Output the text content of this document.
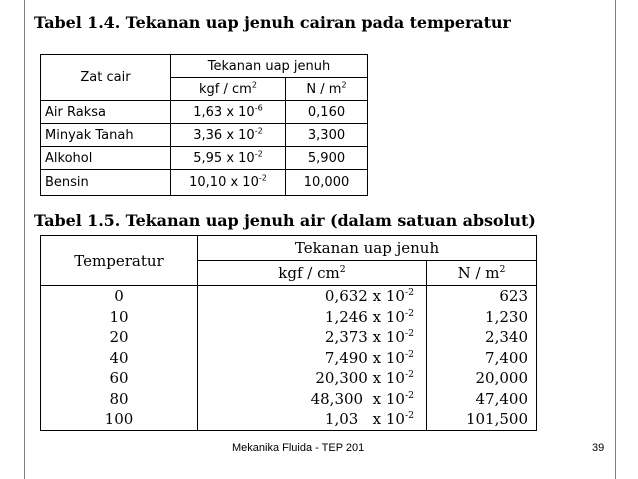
Tabel 1.4. Tekanan uap jenuh cairan pada temperatur
Zat cair	Tekanan uap jenuh	
	kgf / $cm^2$	N / $m^2$
Air Raksa	1,63 x $10^{-6}$	0,160
Minyak Tanah	3,36 x $10^{-2}$	3,300
Alkohol	5,95 x $10^{-2}$	5,900
Bensin	10,10 x $10^{-2}$	10,000
Tabel 1.5. Tekanan uap jenuh air (dalam satuan absolut)
Temperatur	Tekanan uap jenuh	
	kgf / $cm^2$	N / $m^2$
0	0,632 x $10^{-2}$	623
10	1,246 x $10^{-2}$	1,230
20	2,373 x $10^{-2}$	2,340
40	7,490 x $10^{-2}$	7,400
60	20,300 x $10^{-2}$	20,000
80	48,300  x $10^{-2}$	47,400
100	1,03   x $10^{-2}$	101,500
Mekanika Fluida - TEP 201	39
